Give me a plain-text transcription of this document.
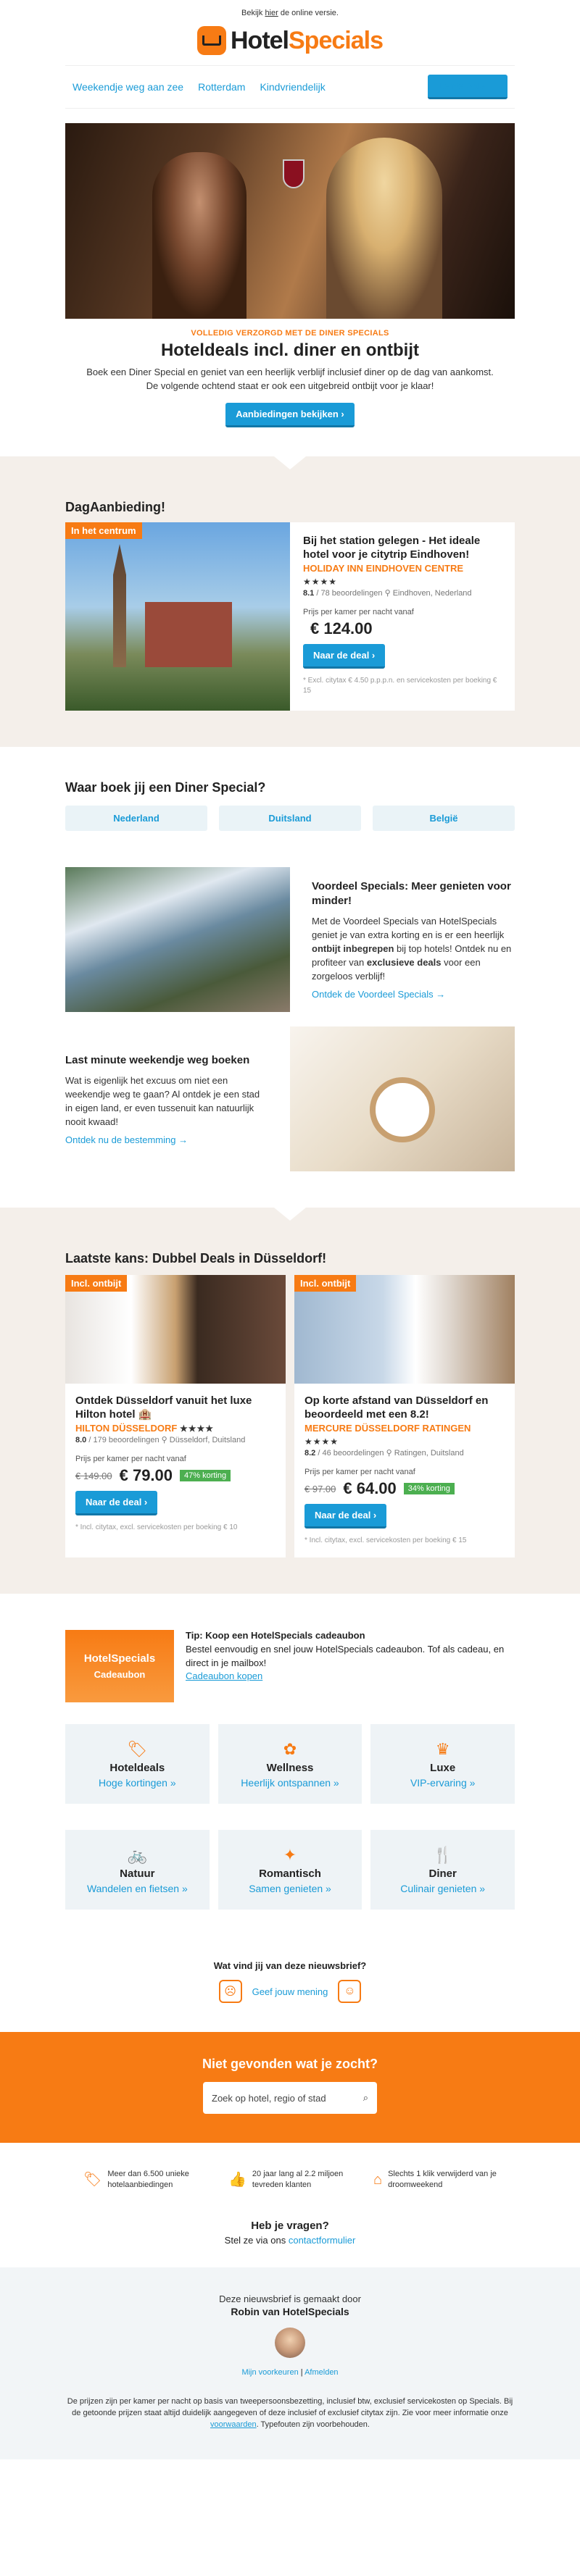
Bekijk hier de online versie.
HotelSpecials
Weekendje weg aan zee Rotterdam Kindvriendelijk	Lente Sale →
VOLLEDIG VERZORGD MET DE DINER SPECIALS
Hoteldeals incl. diner en ontbijt
Boek een Diner Special en geniet van een heerlijk verblijf inclusief diner op de dag van aankomst.
De volgende ochtend staat er ook een uitgebreid ontbijt voor je klaar!
Aanbiedingen bekijken ›
DagAanbieding!
In het centrum
Bij het station gelegen - Het ideale hotel voor je citytrip Eindhoven!
HOLIDAY INN EINDHOVEN CENTRE
★★★★
8.1 / 78 beoordelingen ⚲ Eindhoven, Nederland
Prijs per kamer per nacht vanaf
€ 124.00
Naar de deal ›
* Excl. citytax € 4.50 p.p.p.n. en servicekosten per boeking € 15
Waar boek jij een Diner Special?
Nederland	Duitsland	België
Voordeel Specials: Meer genieten voor minder!

Met de Voordeel Specials van HotelSpecials geniet je van extra korting en is er een heerlijk ontbijt inbegrepen bij top hotels! Ontdek nu en profiteer van exclusieve deals voor een zorgeloos verblijf!

Ontdek de Voordeel Specials →
Last minute weekendje weg boeken

Wat is eigenlijk het excuus om niet een weekendje weg te gaan? Al ontdek je een stad in eigen land, er even tussenuit kan natuurlijk nooit kwaad!

Ontdek nu de bestemming →
Laatste kans: Dubbel Deals in Düsseldorf!
Incl. ontbijt
Ontdek Düsseldorf vanuit het luxe Hilton hotel 🏨
HILTON DÜSSELDORF ★★★★
8.0 / 179 beoordelingen ⚲ Düsseldorf, Duitsland
Prijs per kamer per nacht vanaf
€ 149.00 € 79.00	47% korting
Naar de deal ›
* Incl. citytax, excl. servicekosten per boeking € 10
Incl. ontbijt
Op korte afstand van Düsseldorf en beoordeeld met een 8.2!
MERCURE DÜSSELDORF RATINGEN
★★★★
8.2 / 46 beoordelingen ⚲ Ratingen, Duitsland
Prijs per kamer per nacht vanaf
€ 97.00 € 64.00	34% korting
Naar de deal ›
* Incl. citytax, excl. servicekosten per boeking € 15
HotelSpecials
Cadeaubon
Tip: Koop een HotelSpecials cadeaubon

Bestel eenvoudig en snel jouw HotelSpecials cadeaubon. Tof als cadeau, en direct in je mailbox!

Cadeaubon kopen
🏷
Hoteldeals
Hoge kortingen »
✿
Wellness
Heerlijk ontspannen »
♛
Luxe
VIP-ervaring »
🚲
Natuur
Wandelen en fietsen »
✦
Romantisch
Samen genieten »
🍴
Diner
Culinair genieten »
Wat vind jij van deze nieuwsbrief?
☹	Geef jouw mening	☺
Niet gevonden wat je zocht?
Zoek op hotel, regio of stad	⌕
🏷 Meer dan 6.500 unieke hotelaanbiedingen	👍 20 jaar lang al 2.2 miljoen tevreden klanten	⌂ Slechts 1 klik verwijderd van je droomweekend
Heb je vragen?

Stel ze via ons contactformulier

Deze nieuwsbrief is gemaakt door
Robin van HotelSpecials
Mijn voorkeuren | Afmelden
De prijzen zijn per kamer per nacht op basis van tweepersoonsbezetting, inclusief btw, exclusief servicekosten op Specials. Bij de getoonde prijzen staat altijd duidelijk aangegeven of deze inclusief of exclusief citytax zijn. Zie voor meer informatie onze voorwaarden. Typefouten zijn voorbehouden.
